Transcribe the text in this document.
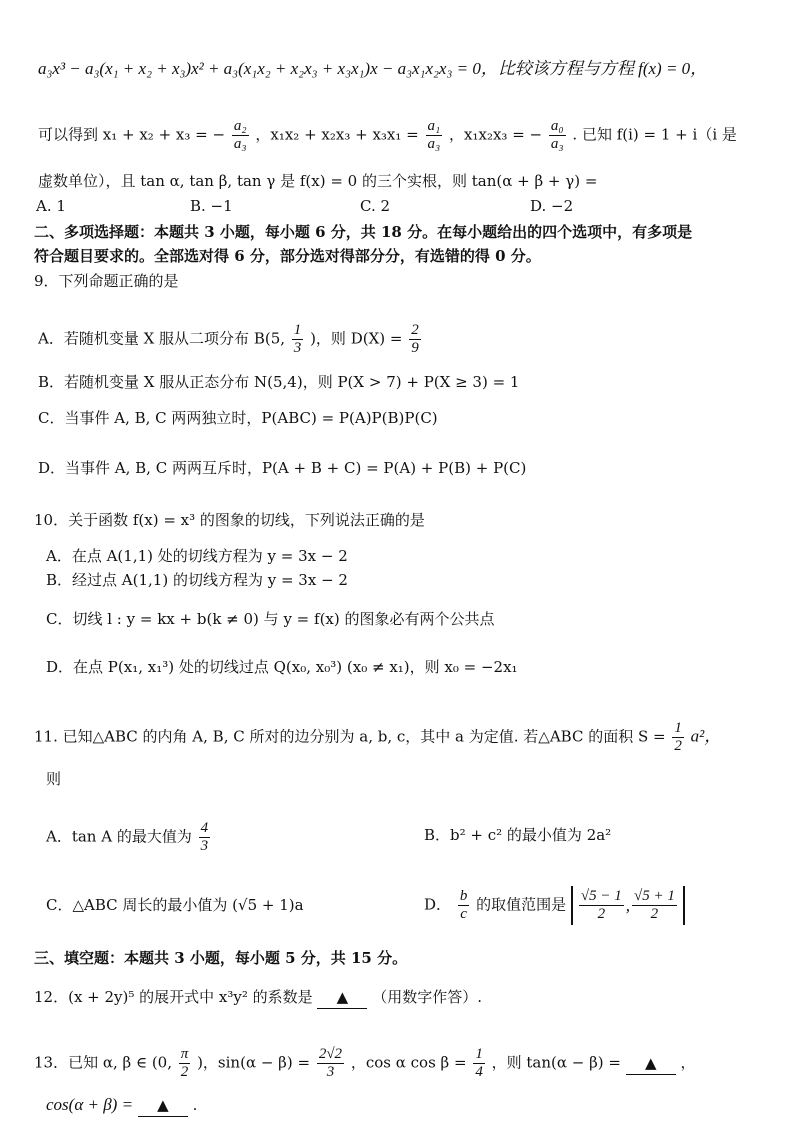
a₃x³ − a₃(x₁ + x₂ + x₃)x² + a₃(x₁x₂ + x₂x₃ + x₃x₁)x − a₃x₁x₂x₃ = 0，比较该方程与方程 f(x) = 0，
可以得到 x₁ + x₂ + x₃ = − $\frac{\text{a₂}}{\text{a₃}}$ ，$x_1x_2 + x_2x_3 + x_3x_1 = \frac{\text{a₁}}{\text{a₃}}$ ，x₁x₂x₃ = − $\frac{\text{a₀}}{\text{a₃}}$ . 已知 f(i) = 1 + i（i 是
虚数单位），且 tan α, tan β, tan γ 是 f(x) = 0 的三个实根，则 tan(α + β + γ) =
A. 1	B. −1	C. 2	D. −2
二、多项选择题：本题共 3 小题，每小题 6 分，共 18 分。在每小题给出的四个选项中，有多项是
符合题目要求的。全部选对得 6 分，部分选对得部分分，有选错的得 0 分。
9．下列命题正确的是
A．若随机变量 X 服从二项分布 B(5, $\frac{1}{3}$ )，则 $D(X) = \frac{2}{9}$
B．若随机变量 X 服从正态分布 N(5,4)，则 P(X > 7) + P(X ≥ 3) = 1
C．当事件 A, B, C 两两独立时，P(ABC) = P(A)P(B)P(C)
D．当事件 A, B, C 两两互斥时，P(A + B + C) = P(A) + P(B) + P(C)
10．关于函数 f(x) = x³ 的图象的切线，下列说法正确的是
A．在点 A(1,1) 处的切线方程为 y = 3x − 2
B．经过点 A(1,1) 的切线方程为 y = 3x − 2
C．切线 l : y = kx + b(k ≠ 0) 与 y = f(x) 的图象必有两个公共点
D．在点 P(x₁, x₁³) 处的切线过点 Q(x₀, x₀³) (x₀ ≠ x₁)，则 x₀ = −2x₁
11. 已知△ABC 的内角 A, B, C 所对的边分别为 a, b, c，其中 a 为定值. 若△ABC 的面积 $S = \frac{1}{2} a^2$，
则
A．tan A 的最大值为 $\frac{4}{3}$	B．b² + c² 的最小值为 2a²
C．△ABC 周长的最小值为 (√5 + 1)a	D． $\frac{b}{c}$ 的取值范围是 $\frac{√5 - 1}{2}$ , $\frac{√5 + 1}{2}$
三、填空题：本题共 3 小题，每小题 5 分，共 15 分。
12．(x + 2y)⁵ 的展开式中 x³y² 的系数是 ▲ （用数字作答）.
13．已知 α, β ∈ (0, $\frac{\pi}{2}$ )，$\sin(\alpha - \beta) = \frac{2√2}{3}$ ，cos α $\cos \beta = \frac{1}{4}$ ，则 tan(α − β) = ▲ ，
cos(α + β) = ▲ .
